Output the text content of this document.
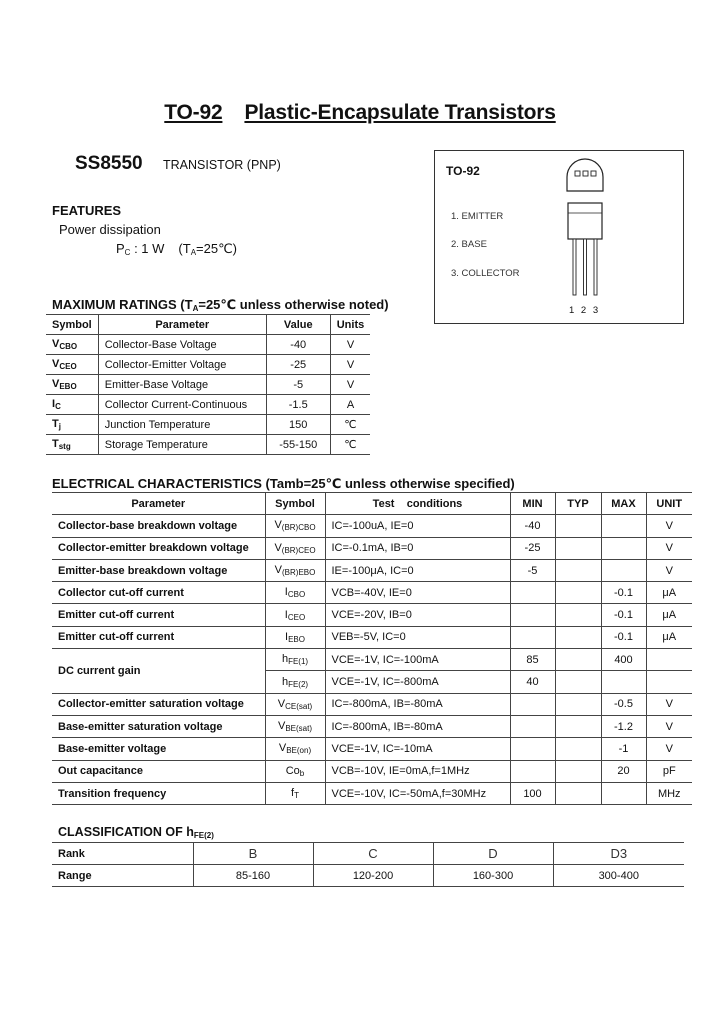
TO-92 Plastic-Encapsulate Transistors
SS8550 TRANSISTOR (PNP)
FEATURES
Power dissipation
$P_C$ : 1 W $(T_A=25℃)$
TO-92
1. EMITTER
2. BASE
3. COLLECTOR
1 2 3
MAXIMUM RATINGS ($T_A=25℃$ unless otherwise noted)
Symbol	Parameter	Value	Units
$V_{CBO}$	Collector-Base Voltage	-40	V
$V_{CEO}$	Collector-Emitter Voltage	-25	V
$V_{EBO}$	Emitter-Base Voltage	-5	V
$I_C$	Collector Current-Continuous	-1.5	A
$T_j$	Junction Temperature	150	℃
$T_{stg}$	Storage Temperature	-55-150	℃
ELECTRICAL CHARACTERISTICS (Tamb=25℃ unless otherwise specified)
Parameter	Symbol	Test    conditions	MIN	TYP	MAX	UNIT
Collector-base breakdown voltage	$V_{(BR)CBO}$	IC=-100uA, IE=0	-40			V
Collector-emitter breakdown voltage	$V_{(BR)CEO}$	IC=-0.1mA, IB=0	-25			V
Emitter-base breakdown voltage	$V_{(BR)EBO}$	IE=-100μA, IC=0	-5			V
Collector cut-off current	$I_{CBO}$	VCB=-40V, IE=0			-0.1	μA
Emitter cut-off current	$I_{CEO}$	VCE=-20V, IB=0			-0.1	μA
Emitter cut-off current	$I_{EBO}$	VEB=-5V, IC=0			-0.1	μA
DC current gain	$h_{FE(1)}$	VCE=-1V, IC=-100mA	85		400	
	$h_{FE(2)}$	VCE=-1V, IC=-800mA	40			
Collector-emitter saturation voltage	$V_{CE(sat)}$	IC=-800mA, IB=-80mA			-0.5	V
Base-emitter saturation voltage	$V_{BE(sat)}$	IC=-800mA, IB=-80mA			-1.2	V
Base-emitter voltage	$V_{BE(on)}$	VCE=-1V, IC=-10mA			-1	V
Out capacitance	$Co_b$	VCB=-10V, IE=0mA,f=1MHz			20	pF
Transition frequency	$f_T$	VCE=-10V, IC=-50mA,f=30MHz	100			MHz
CLASSIFICATION OF $h_{FE(2)}$
Rank	B	C	D	D3
Range	85-160	120-200	160-300	300-400
